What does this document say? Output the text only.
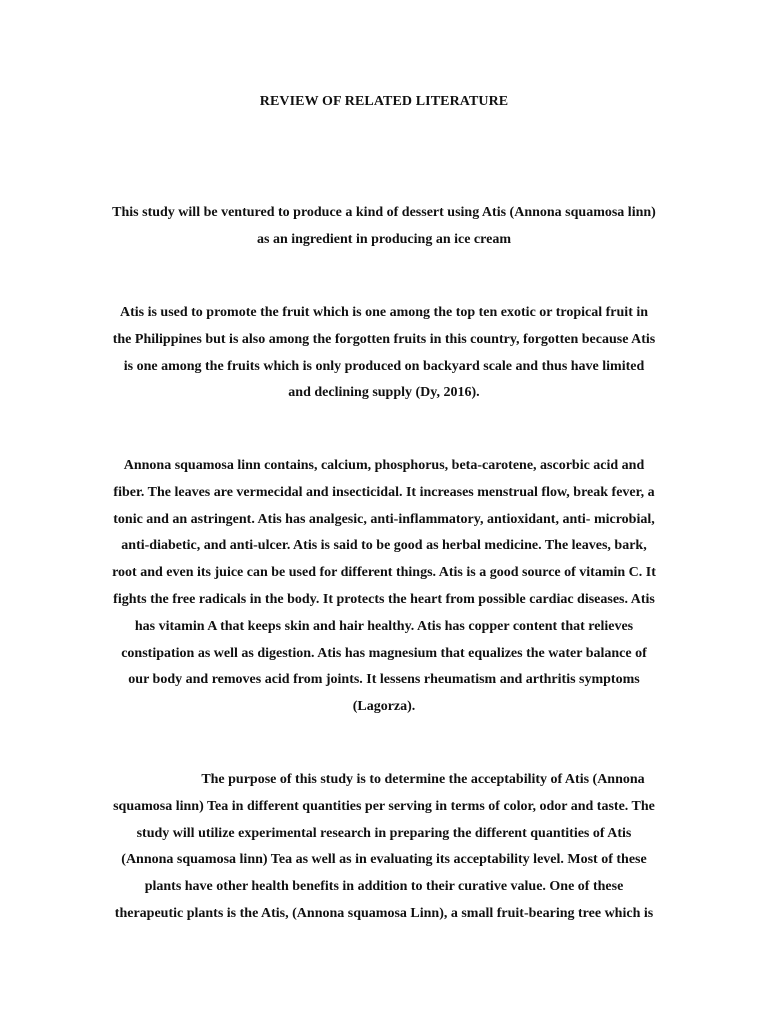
REVIEW OF RELATED LITERATURE
This study will be ventured to produce a kind of dessert using Atis (Annona squamosa linn)
as an ingredient in producing an ice cream
Atis is used to promote the fruit which is one among the top ten exotic or tropical fruit in
the Philippines but is also among the forgotten fruits in this country, forgotten because Atis
is one among the fruits which is only produced on backyard scale and thus have limited
and declining supply (Dy, 2016).
Annona squamosa linn contains, calcium, phosphorus, beta-carotene, ascorbic acid and
fiber. The leaves are vermecidal and insecticidal. It increases menstrual flow, break fever, a
tonic and an astringent. Atis has analgesic, anti-inflammatory, antioxidant, anti- microbial,
anti-diabetic, and anti-ulcer. Atis is said to be good as herbal medicine. The leaves, bark,
root and even its juice can be used for different things. Atis is a good source of vitamin C. It
fights the free radicals in the body. It protects the heart from possible cardiac diseases. Atis
has vitamin A that keeps skin and hair healthy. Atis has copper content that relieves
constipation as well as digestion. Atis has magnesium that equalizes the water balance of
our body and removes acid from joints. It lessens rheumatism and arthritis symptoms
(Lagorza).
The purpose of this study is to determine the acceptability of Atis (Annona
squamosa linn) Tea in different quantities per serving in terms of color, odor and taste. The
study will utilize experimental research in preparing the different quantities of Atis
(Annona squamosa linn) Tea as well as in evaluating its acceptability level. Most of these
plants have other health benefits in addition to their curative value. One of these
therapeutic plants is the Atis, (Annona squamosa Linn), a small fruit-bearing tree which is
